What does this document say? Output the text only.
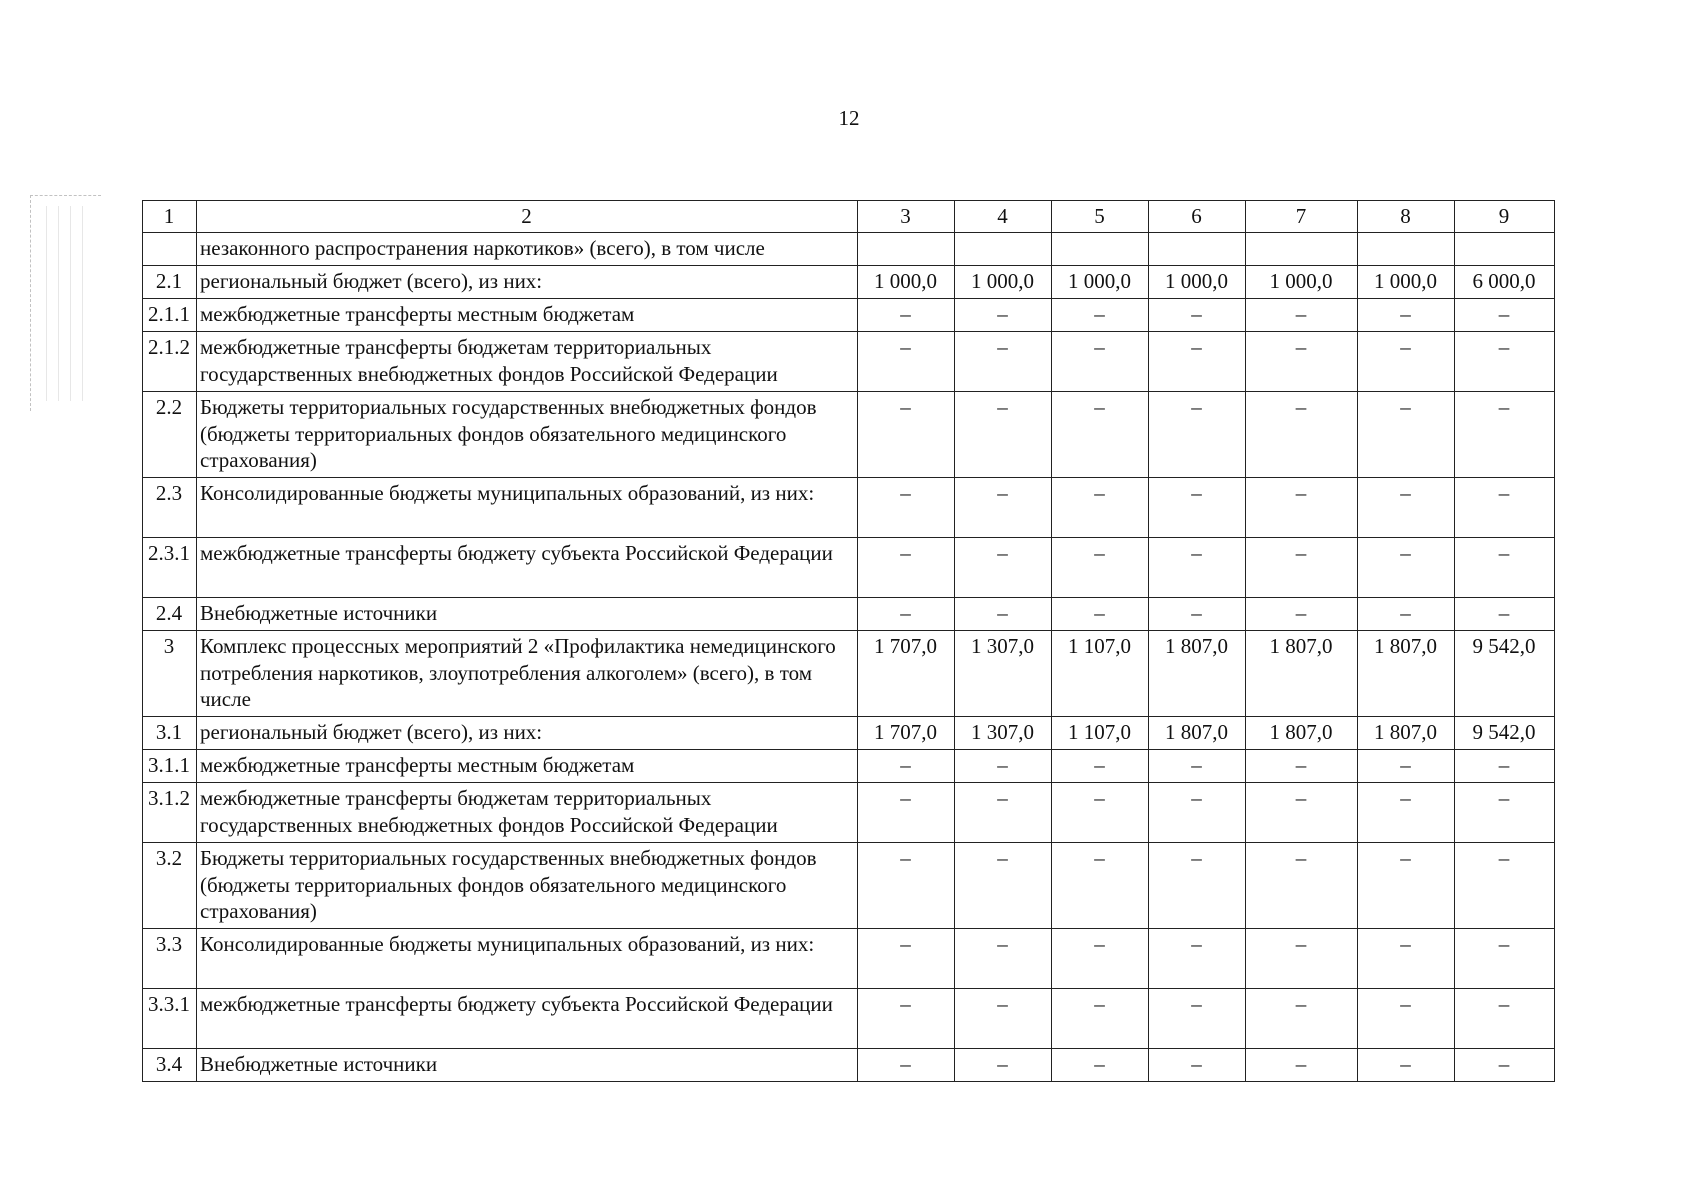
12
1	2	3	4	5	6	7	8	9
	незаконного распространения наркотиков» (всего), в том числе							
2.1	региональный бюджет (всего), из них:	1 000,0	1 000,0	1 000,0	1 000,0	1 000,0	1 000,0	6 000,0
2.1.1	межбюджетные трансферты местным бюджетам	–	–	–	–	–	–	–
2.1.2	межбюджетные трансферты бюджетам территориальных государственных внебюджетных фондов Российской Федерации	–	–	–	–	–	–	–
2.2	Бюджеты территориальных государственных внебюджетных фондов (бюджеты территориальных фондов обязательного медицинского страхования)	–	–	–	–	–	–	–
2.3	Консолидированные бюджеты муниципальных образований, из них:	–	–	–	–	–	–	–
2.3.1	межбюджетные трансферты бюджету субъекта Российской Федерации	–	–	–	–	–	–	–
2.4	Внебюджетные источники	–	–	–	–	–	–	–
3	Комплекс процессных мероприятий 2 «Профилактика немедицинского потребления наркотиков, злоупотребления алкоголем» (всего), в том числе	1 707,0	1 307,0	1 107,0	1 807,0	1 807,0	1 807,0	9 542,0
3.1	региональный бюджет (всего), из них:	1 707,0	1 307,0	1 107,0	1 807,0	1 807,0	1 807,0	9 542,0
3.1.1	межбюджетные трансферты местным бюджетам	–	–	–	–	–	–	–
3.1.2	межбюджетные трансферты бюджетам территориальных государственных внебюджетных фондов Российской Федерации	–	–	–	–	–	–	–
3.2	Бюджеты территориальных государственных внебюджетных фондов (бюджеты территориальных фондов обязательного медицинского страхования)	–	–	–	–	–	–	–
3.3	Консолидированные бюджеты муниципальных образований, из них:	–	–	–	–	–	–	–
3.3.1	межбюджетные трансферты бюджету субъекта Российской Федерации	–	–	–	–	–	–	–
3.4	Внебюджетные источники	–	–	–	–	–	–	–
